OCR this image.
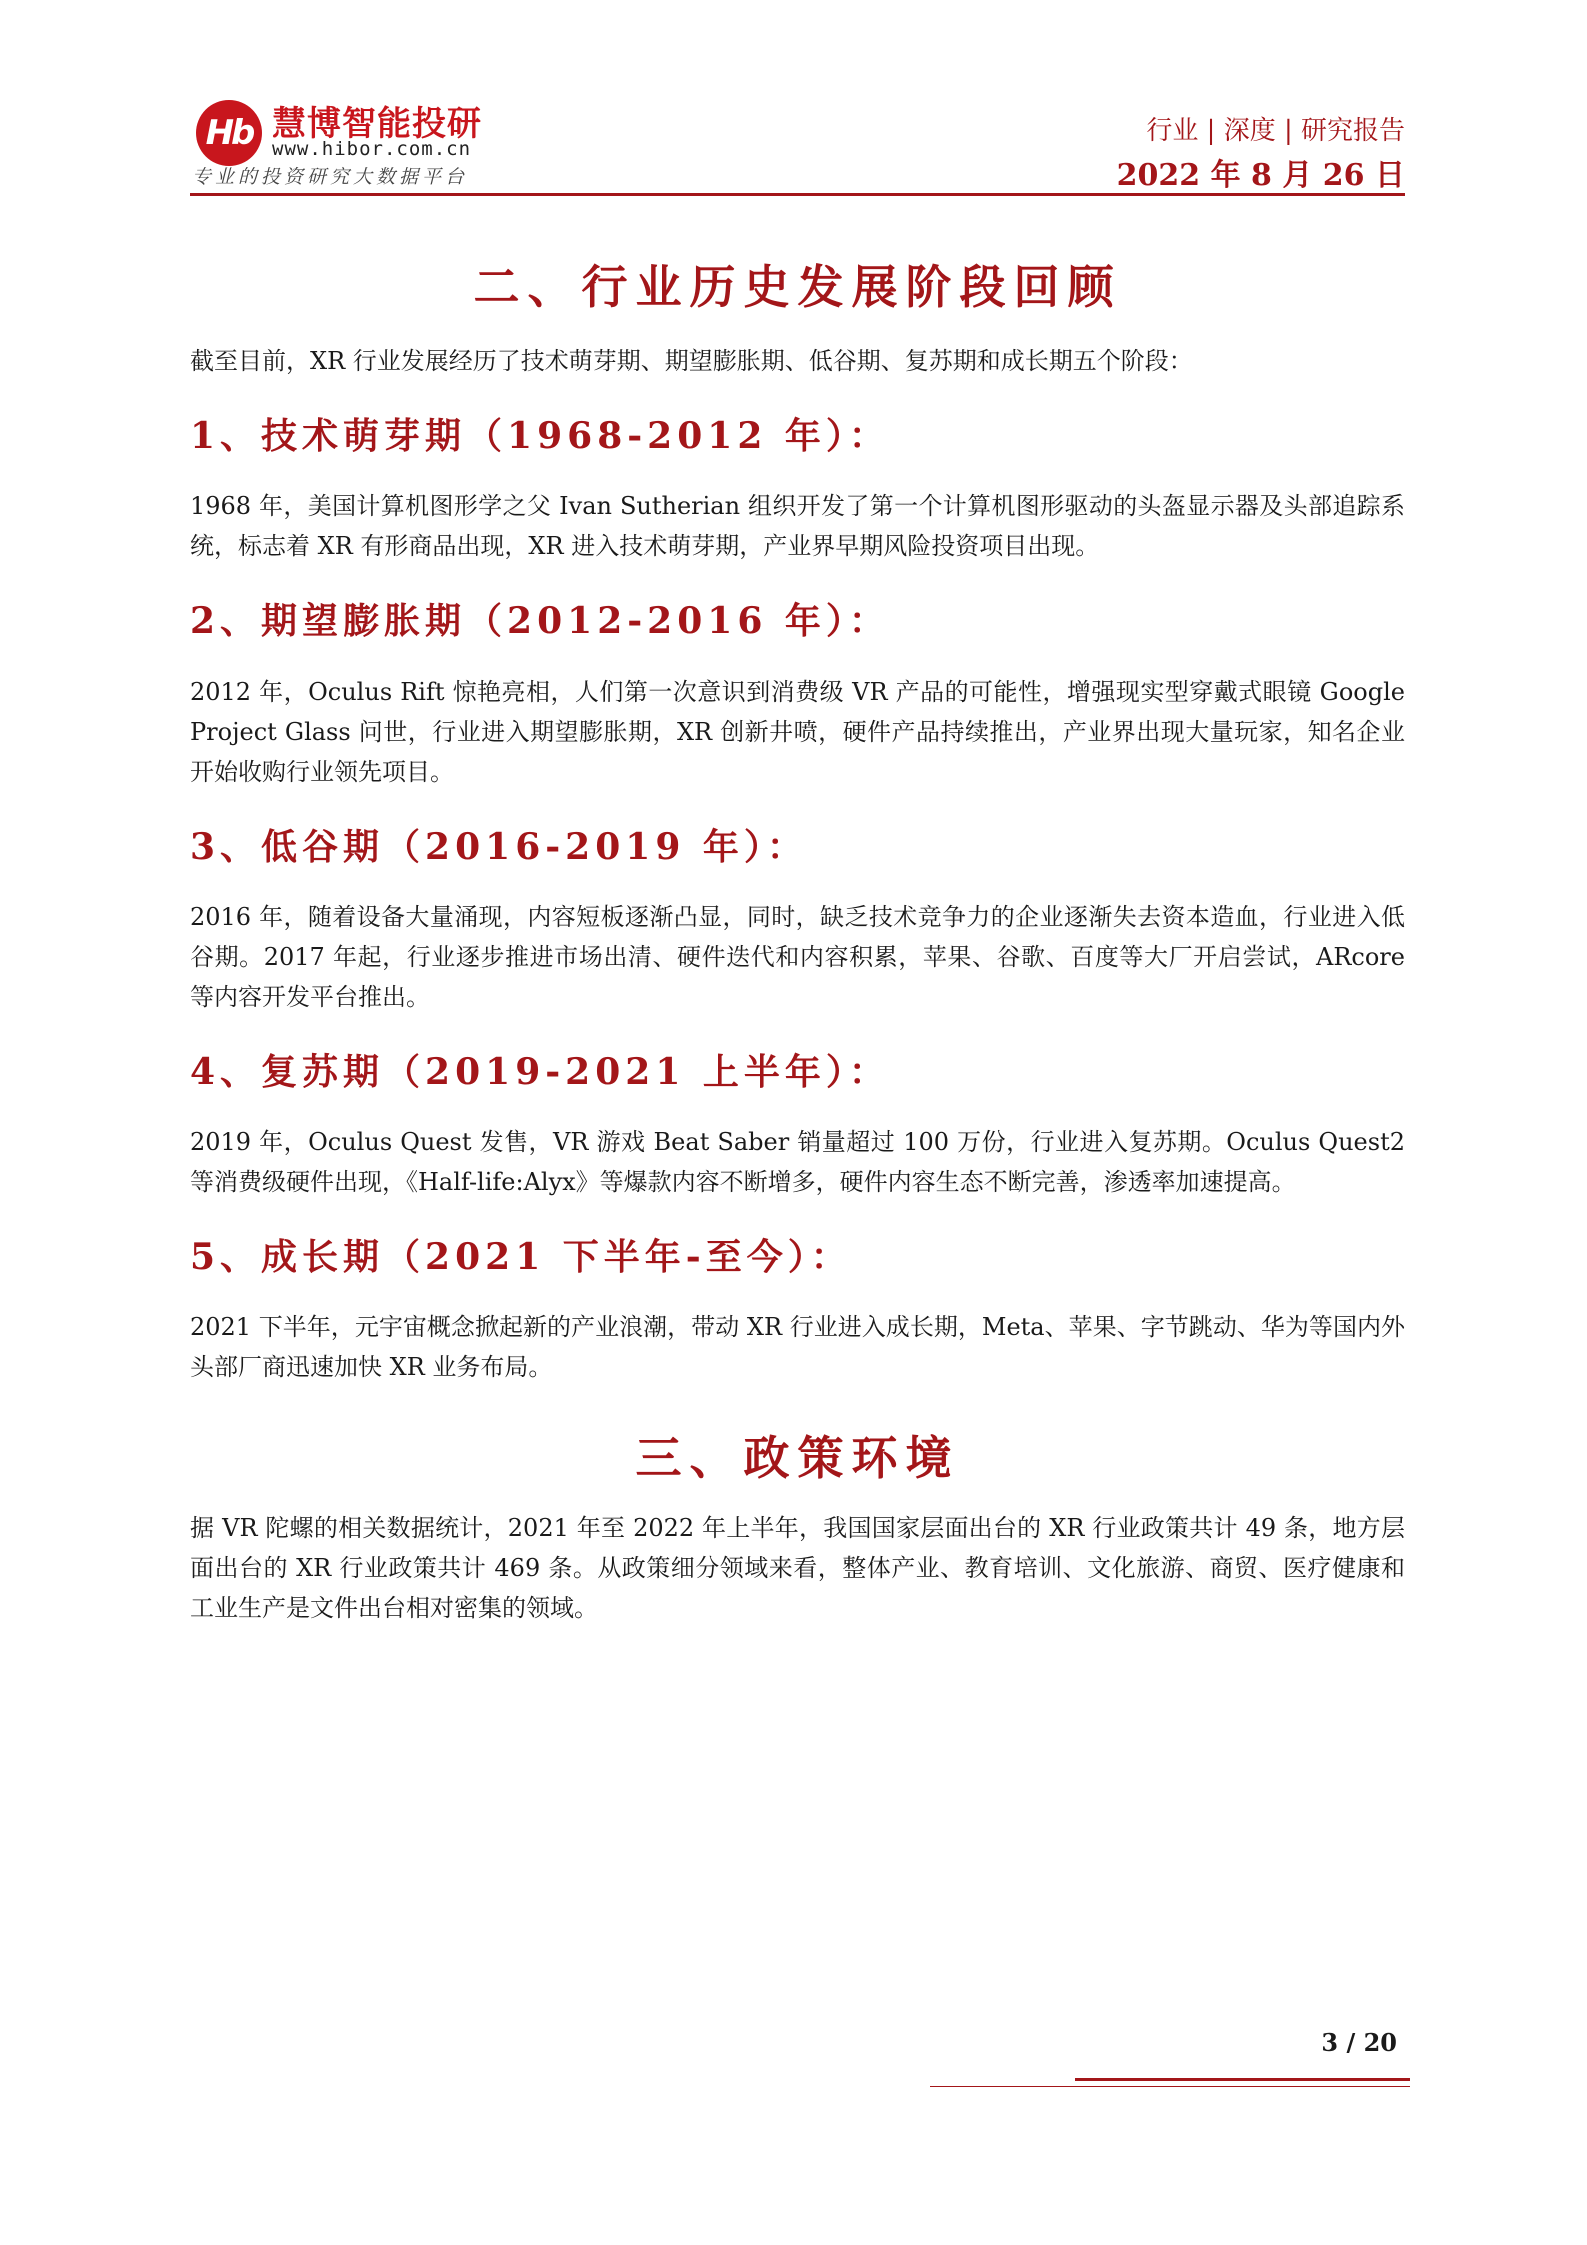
Hb 慧博智能投研
www.hibor.com.cn
专业的投资研究大数据平台
行业 | 深度 | 研究报告
2022 年 8 月 26 日
二、行业历史发展阶段回顾

截至目前，XR 行业发展经历了技术萌芽期、期望膨胀期、低谷期、复苏期和成长期五个阶段：

1、技术萌芽期（1968-2012 年）：

1968 年，美国计算机图形学之父 Ivan Sutherian 组织开发了第一个计算机图形驱动的头盔显示器及头部追踪系统，标志着 XR 有形商品出现，XR 进入技术萌芽期，产业界早期风险投资项目出现。

2、期望膨胀期（2012-2016 年）：

2012 年，Oculus Rift 惊艳亮相，人们第一次意识到消费级 VR 产品的可能性，增强现实型穿戴式眼镜 Google Project Glass 问世，行业进入期望膨胀期，XR 创新井喷，硬件产品持续推出，产业界出现大量玩家，知名企业开始收购行业领先项目。

3、低谷期（2016-2019 年）：

2016 年，随着设备大量涌现，内容短板逐渐凸显，同时，缺乏技术竞争力的企业逐渐失去资本造血，行业进入低谷期。2017 年起，行业逐步推进市场出清、硬件迭代和内容积累，苹果、谷歌、百度等大厂开启尝试，ARcore 等内容开发平台推出。

4、复苏期（2019-2021 上半年）：

2019 年，Oculus Quest 发售，VR 游戏 Beat Saber 销量超过 100 万份，行业进入复苏期。Oculus Quest2 等消费级硬件出现，《Half-life:Alyx》等爆款内容不断增多，硬件内容生态不断完善，渗透率加速提高。

5、成长期（2021 下半年-至今）：

2021 下半年，元宇宙概念掀起新的产业浪潮，带动 XR 行业进入成长期，Meta、苹果、字节跳动、华为等国内外头部厂商迅速加快 XR 业务布局。

三、政策环境

据 VR 陀螺的相关数据统计，2021 年至 2022 年上半年，我国国家层面出台的 XR 行业政策共计 49 条，地方层面出台的 XR 行业政策共计 469 条。从政策细分领域来看，整体产业、教育培训、文化旅游、商贸、医疗健康和工业生产是文件出台相对密集的领域。

3 / 20
